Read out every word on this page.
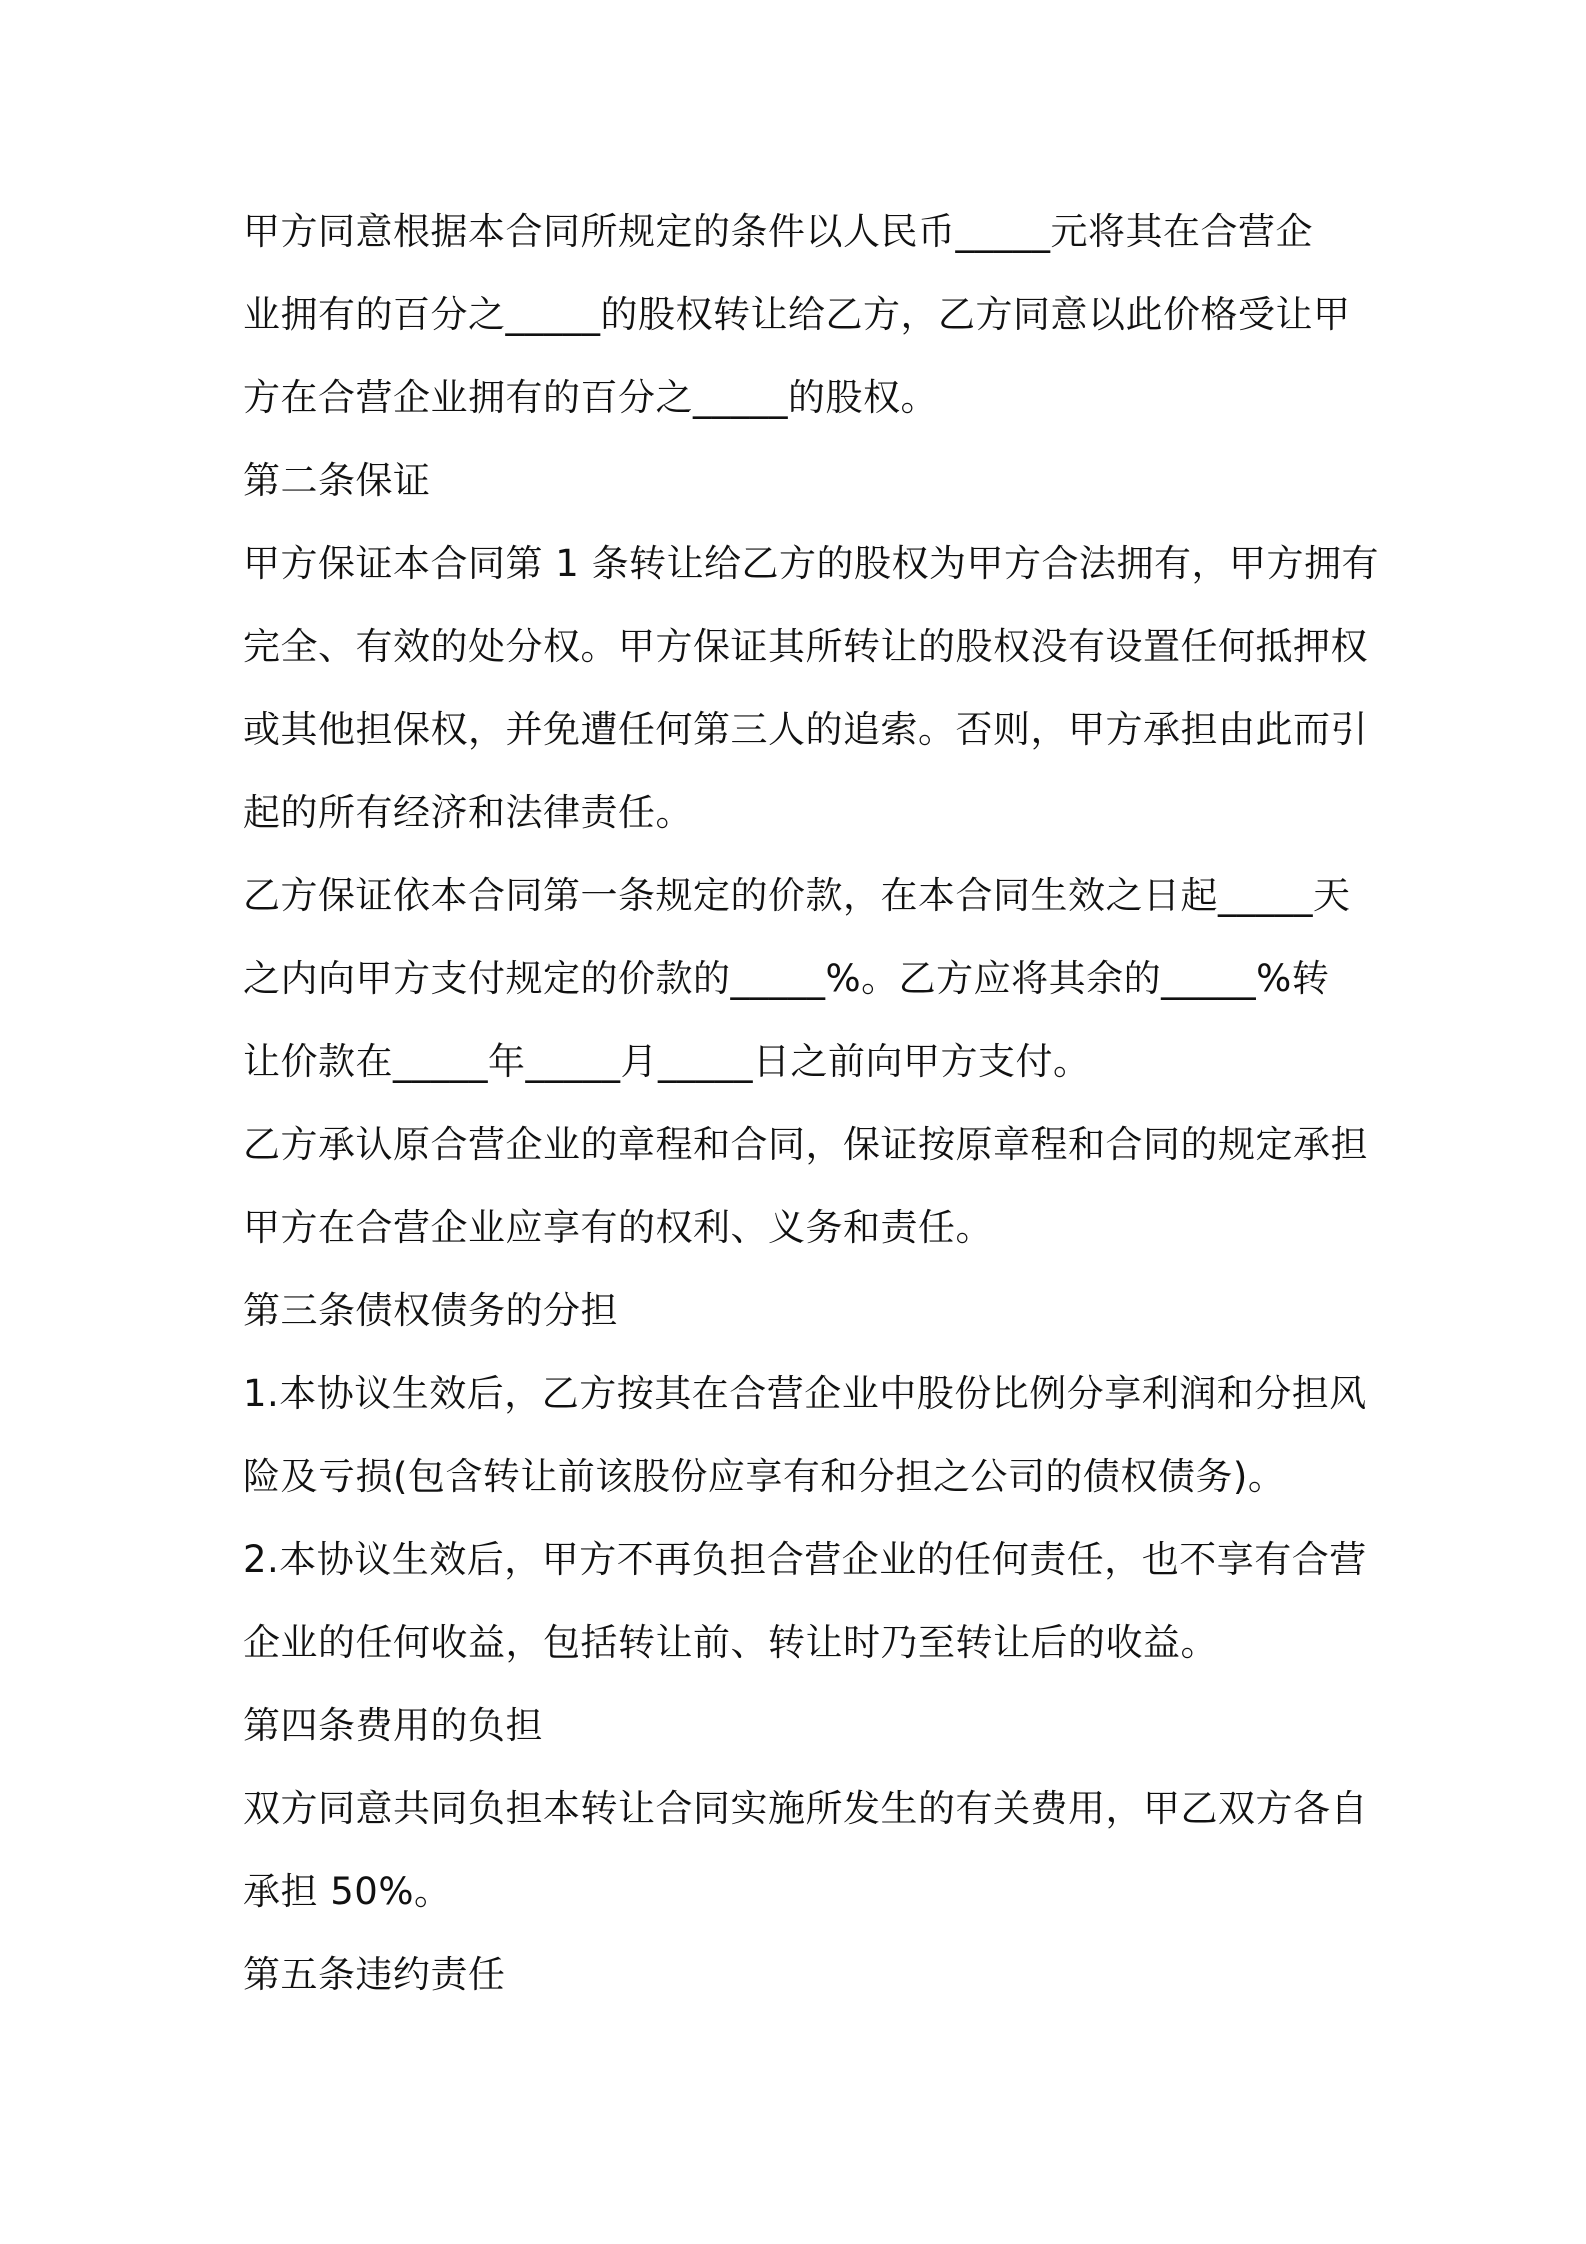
甲方同意根据本合同所规定的条件以人民币_____元将其在合营企
业拥有的百分之_____的股权转让给乙方，乙方同意以此价格受让甲
方在合营企业拥有的百分之_____的股权。
第二条保证
甲方保证本合同第 1 条转让给乙方的股权为甲方合法拥有，甲方拥有
完全、有效的处分权。甲方保证其所转让的股权没有设置任何抵押权
或其他担保权，并免遭任何第三人的追索。否则，甲方承担由此而引
起的所有经济和法律责任。
乙方保证依本合同第一条规定的价款，在本合同生效之日起_____天
之内向甲方支付规定的价款的_____%。乙方应将其余的_____%转
让价款在_____年_____月_____日之前向甲方支付。
乙方承认原合营企业的章程和合同，保证按原章程和合同的规定承担
甲方在合营企业应享有的权利、义务和责任。
第三条债权债务的分担
1.本协议生效后，乙方按其在合营企业中股份比例分享利润和分担风
险及亏损(包含转让前该股份应享有和分担之公司的债权债务)。
2.本协议生效后，甲方不再负担合营企业的任何责任，也不享有合营
企业的任何收益，包括转让前、转让时乃至转让后的收益。
第四条费用的负担
双方同意共同负担本转让合同实施所发生的有关费用，甲乙双方各自
承担 50%。
第五条违约责任
